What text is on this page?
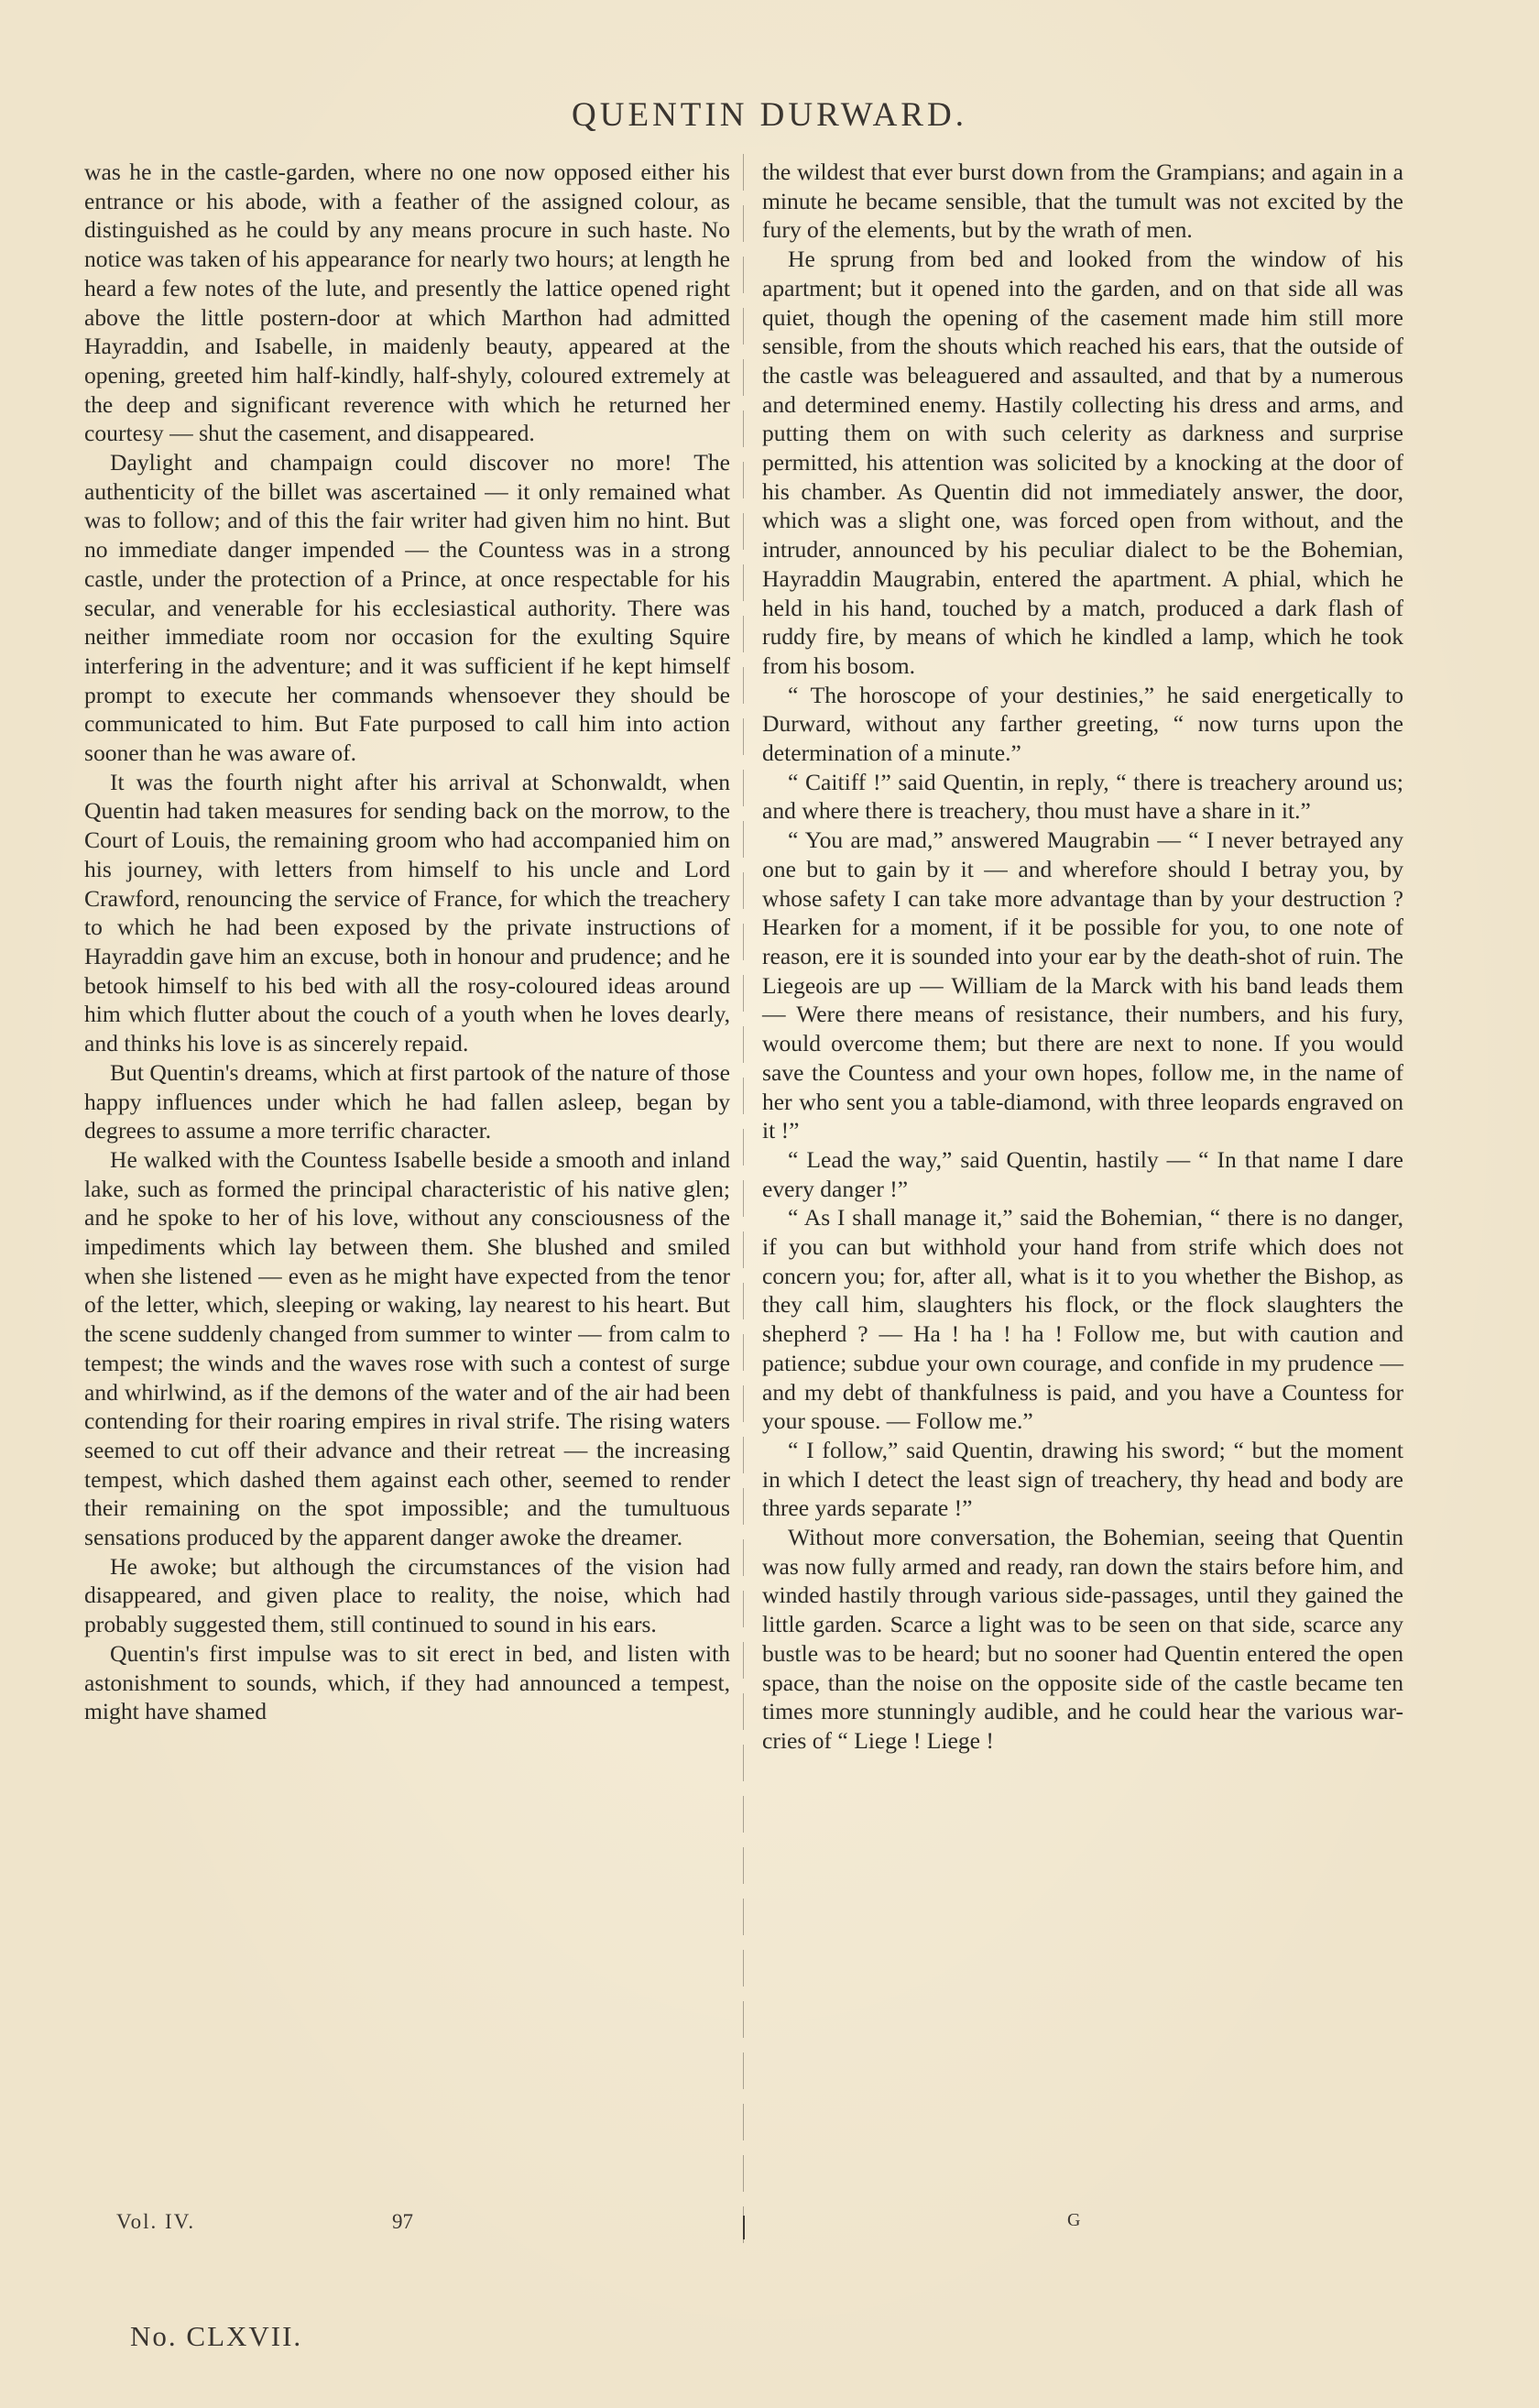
QUENTIN DURWARD.

was he in the castle-garden, where no one now opposed either his entrance or his abode, with a feather of the assigned colour, as distinguished as he could by any means procure in such haste. No notice was taken of his appearance for nearly two hours; at length he heard a few notes of the lute, and presently the lattice opened right above the little postern-door at which Marthon had admitted Hayraddin, and Isabelle, in maidenly beauty, appeared at the opening, greeted him half-kindly, half-shyly, coloured extremely at the deep and significant reverence with which he returned her courtesy — shut the casement, and disappeared.

Daylight and champaign could discover no more! The authenticity of the billet was ascertained — it only remained what was to follow; and of this the fair writer had given him no hint. But no immediate danger impended — the Countess was in a strong castle, under the protection of a Prince, at once respectable for his secular, and venerable for his ecclesiastical authority. There was neither immediate room nor occasion for the exulting Squire interfering in the adventure; and it was sufficient if he kept himself prompt to execute her commands whensoever they should be communicated to him. But Fate purposed to call him into action sooner than he was aware of.

It was the fourth night after his arrival at Schonwaldt, when Quentin had taken measures for sending back on the morrow, to the Court of Louis, the remaining groom who had accompanied him on his journey, with letters from himself to his uncle and Lord Crawford, renouncing the service of France, for which the treachery to which he had been exposed by the private instructions of Hayraddin gave him an excuse, both in honour and prudence; and he betook himself to his bed with all the rosy-coloured ideas around him which flutter about the couch of a youth when he loves dearly, and thinks his love is as sincerely repaid.

But Quentin's dreams, which at first partook of the nature of those happy influences under which he had fallen asleep, began by degrees to assume a more terrific character.

He walked with the Countess Isabelle beside a smooth and inland lake, such as formed the principal characteristic of his native glen; and he spoke to her of his love, without any consciousness of the impediments which lay between them. She blushed and smiled when she listened — even as he might have expected from the tenor of the letter, which, sleeping or waking, lay nearest to his heart. But the scene suddenly changed from summer to winter — from calm to tempest; the winds and the waves rose with such a contest of surge and whirlwind, as if the demons of the water and of the air had been contending for their roaring empires in rival strife. The rising waters seemed to cut off their advance and their retreat — the increasing tempest, which dashed them against each other, seemed to render their remaining on the spot impossible; and the tumultuous sensations produced by the apparent danger awoke the dreamer.

He awoke; but although the circumstances of the vision had disappeared, and given place to reality, the noise, which had probably suggested them, still continued to sound in his ears.

Quentin's first impulse was to sit erect in bed, and listen with astonishment to sounds, which, if they had announced a tempest, might have shamed

the wildest that ever burst down from the Grampians; and again in a minute he became sensible, that the tumult was not excited by the fury of the elements, but by the wrath of men.

He sprung from bed and looked from the window of his apartment; but it opened into the garden, and on that side all was quiet, though the opening of the casement made him still more sensible, from the shouts which reached his ears, that the outside of the castle was beleaguered and assaulted, and that by a numerous and determined enemy. Hastily collecting his dress and arms, and putting them on with such celerity as darkness and surprise permitted, his attention was solicited by a knocking at the door of his chamber. As Quentin did not immediately answer, the door, which was a slight one, was forced open from without, and the intruder, announced by his peculiar dialect to be the Bohemian, Hayraddin Maugrabin, entered the apartment. A phial, which he held in his hand, touched by a match, produced a dark flash of ruddy fire, by means of which he kindled a lamp, which he took from his bosom.

“ The horoscope of your destinies,” he said energetically to Durward, without any farther greeting, “ now turns upon the determination of a minute.”

“ Caitiff !” said Quentin, in reply, “ there is treachery around us; and where there is treachery, thou must have a share in it.”

“ You are mad,” answered Maugrabin — “ I never betrayed any one but to gain by it — and wherefore should I betray you, by whose safety I can take more advantage than by your destruction ? Hearken for a moment, if it be possible for you, to one note of reason, ere it is sounded into your ear by the death-shot of ruin. The Liegeois are up — William de la Marck with his band leads them — Were there means of resistance, their numbers, and his fury, would overcome them; but there are next to none. If you would save the Countess and your own hopes, follow me, in the name of her who sent you a table-diamond, with three leopards engraved on it !”

“ Lead the way,” said Quentin, hastily — “ In that name I dare every danger !”

“ As I shall manage it,” said the Bohemian, “ there is no danger, if you can but withhold your hand from strife which does not concern you; for, after all, what is it to you whether the Bishop, as they call him, slaughters his flock, or the flock slaughters the shepherd ? — Ha ! ha ! ha ! Follow me, but with caution and patience; subdue your own courage, and confide in my prudence — and my debt of thankfulness is paid, and you have a Countess for your spouse. — Follow me.”

“ I follow,” said Quentin, drawing his sword; “ but the moment in which I detect the least sign of treachery, thy head and body are three yards separate !”

Without more conversation, the Bohemian, seeing that Quentin was now fully armed and ready, ran down the stairs before him, and winded hastily through various side-passages, until they gained the little garden. Scarce a light was to be seen on that side, scarce any bustle was to be heard; but no sooner had Quentin entered the open space, than the noise on the opposite side of the castle became ten times more stunningly audible, and he could hear the various war-cries of “ Liege ! Liege !

Vol. IV.	97	G
No. CLXVII.
